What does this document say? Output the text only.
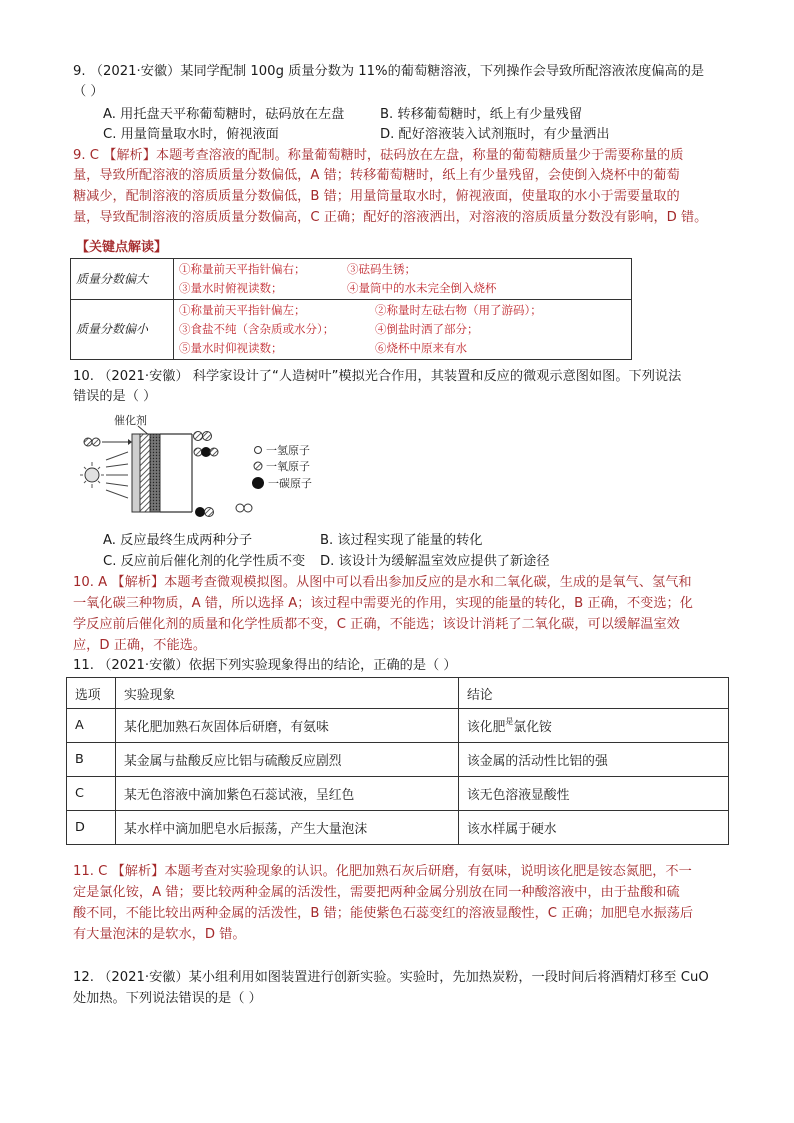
9. （2021·安徽）某同学配制 100g 质量分数为 11%的葡萄糖溶液，下列操作会导致所配溶液浓度偏高的是
（ ）
A. 用托盘天平称葡萄糖时，砝码放在左盘	B. 转移葡萄糖时，纸上有少量残留
C. 用量筒量取水时，俯视液面	D. 配好溶液装入试剂瓶时，有少量洒出
9. C 【解析】本题考查溶液的配制。称量葡萄糖时，砝码放在左盘，称量的葡萄糖质量少于需要称量的质
量，导致所配溶液的溶质质量分数偏低，A 错；转移葡萄糖时，纸上有少量残留，会使倒入烧杯中的葡萄
糖减少，配制溶液的溶质质量分数偏低，B 错；用量筒量取水时，俯视液面，使量取的水小于需要量取的
量，导致配制溶液的溶质质量分数偏高，C 正确；配好的溶液洒出，对溶液的溶质质量分数没有影响，D 错。
【关键点解读】
质量分数偏大	①称量前天平指针偏右； ③砝码生锈；
③量水时俯视读数； ④量筒中的水未完全倒入烧杯

质量分数偏小	①称量前天平指针偏左； ②称量时左砝右物（用了游码）；
③食盐不纯（含杂质或水分）； ④倒盐时洒了部分；
⑤量水时仰视读数； ⑥烧杯中原来有水
10. （2021·安徽） 科学家设计了“人造树叶”模拟光合作用，其装置和反应的微观示意图如图。下列说法
错误的是（ ）
催化剂
一氢原子
一氧原子
一碳原子
A. 反应最终生成两种分子	B. 该过程实现了能量的转化
C. 反应前后催化剂的化学性质不变 D. 该设计为缓解温室效应提供了新途径
10. A 【解析】本题考查微观模拟图。从图中可以看出参加反应的是水和二氧化碳，生成的是氧气、氢气和
一氧化碳三种物质，A 错，所以选择 A；该过程中需要光的作用，实现的能量的转化，B 正确，不变选；化
学反应前后催化剂的质量和化学性质都不变，C 正确，不能选；该设计消耗了二氧化碳，可以缓解温室效
应，D 正确，不能选。
11. （2021·安徽）依据下列实验现象得出的结论，正确的是（ ）
选项	实验现象	结论
A	某化肥加熟石灰固体后研磨，有氨味	该化肥$^是$氯化铵
B	某金属与盐酸反应比铝与硫酸反应剧烈	该金属的活动性比铝的强
C	某无色溶液中滴加紫色石蕊试液，呈红色	该无色溶液显酸性
D	某水样中滴加肥皂水后振荡，产生大量泡沫	该水样属于硬水
11. C 【解析】本题考查对实验现象的认识。化肥加熟石灰后研磨，有氨味，说明该化肥是铵态氮肥，不一
定是氯化铵，A 错；要比较两种金属的活泼性，需要把两种金属分别放在同一种酸溶液中，由于盐酸和硫
酸不同，不能比较出两种金属的活泼性，B 错；能使紫色石蕊变红的溶液显酸性，C 正确；加肥皂水振荡后
有大量泡沫的是软水，D 错。
12. （2021·安徽）某小组利用如图装置进行创新实验。实验时，先加热炭粉，一段时间后将酒精灯移至 CuO
处加热。下列说法错误的是（ ）
